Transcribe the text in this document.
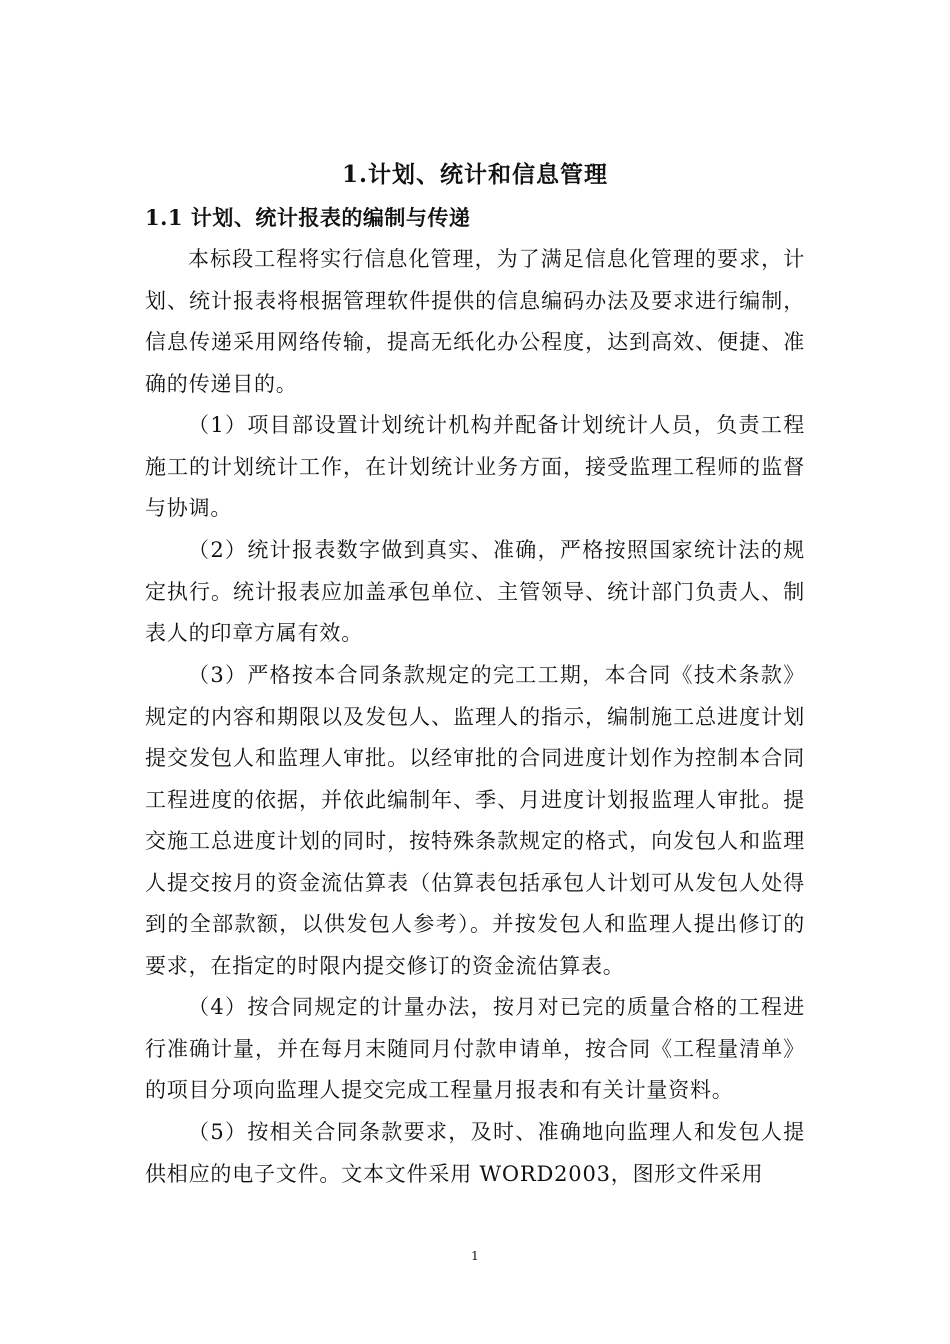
1.计划、统计和信息管理
1.1 计划、统计报表的编制与传递
本标段工程将实行信息化管理，为了满足信息化管理的要求，计划、统计报表将根据管理软件提供的信息编码办法及要求进行编制，信息传递采用网络传输，提高无纸化办公程度，达到高效、便捷、准确的传递目的。
（1）项目部设置计划统计机构并配备计划统计人员，负责工程施工的计划统计工作，在计划统计业务方面，接受监理工程师的监督与协调。
（2）统计报表数字做到真实、准确，严格按照国家统计法的规定执行。统计报表应加盖承包单位、主管领导、统计部门负责人、制表人的印章方属有效。
（3）严格按本合同条款规定的完工工期，本合同《技术条款》规定的内容和期限以及发包人、监理人的指示，编制施工总进度计划提交发包人和监理人审批。以经审批的合同进度计划作为控制本合同工程进度的依据，并依此编制年、季、月进度计划报监理人审批。提交施工总进度计划的同时，按特殊条款规定的格式，向发包人和监理人提交按月的资金流估算表（估算表包括承包人计划可从发包人处得到的全部款额，以供发包人参考）。并按发包人和监理人提出修订的要求，在指定的时限内提交修订的资金流估算表。
（4）按合同规定的计量办法，按月对已完的质量合格的工程进行准确计量，并在每月末随同月付款申请单，按合同《工程量清单》的项目分项向监理人提交完成工程量月报表和有关计量资料。
（5）按相关合同条款要求，及时、准确地向监理人和发包人提供相应的电子文件。文本文件采用 WORD2003，图形文件采用
1
